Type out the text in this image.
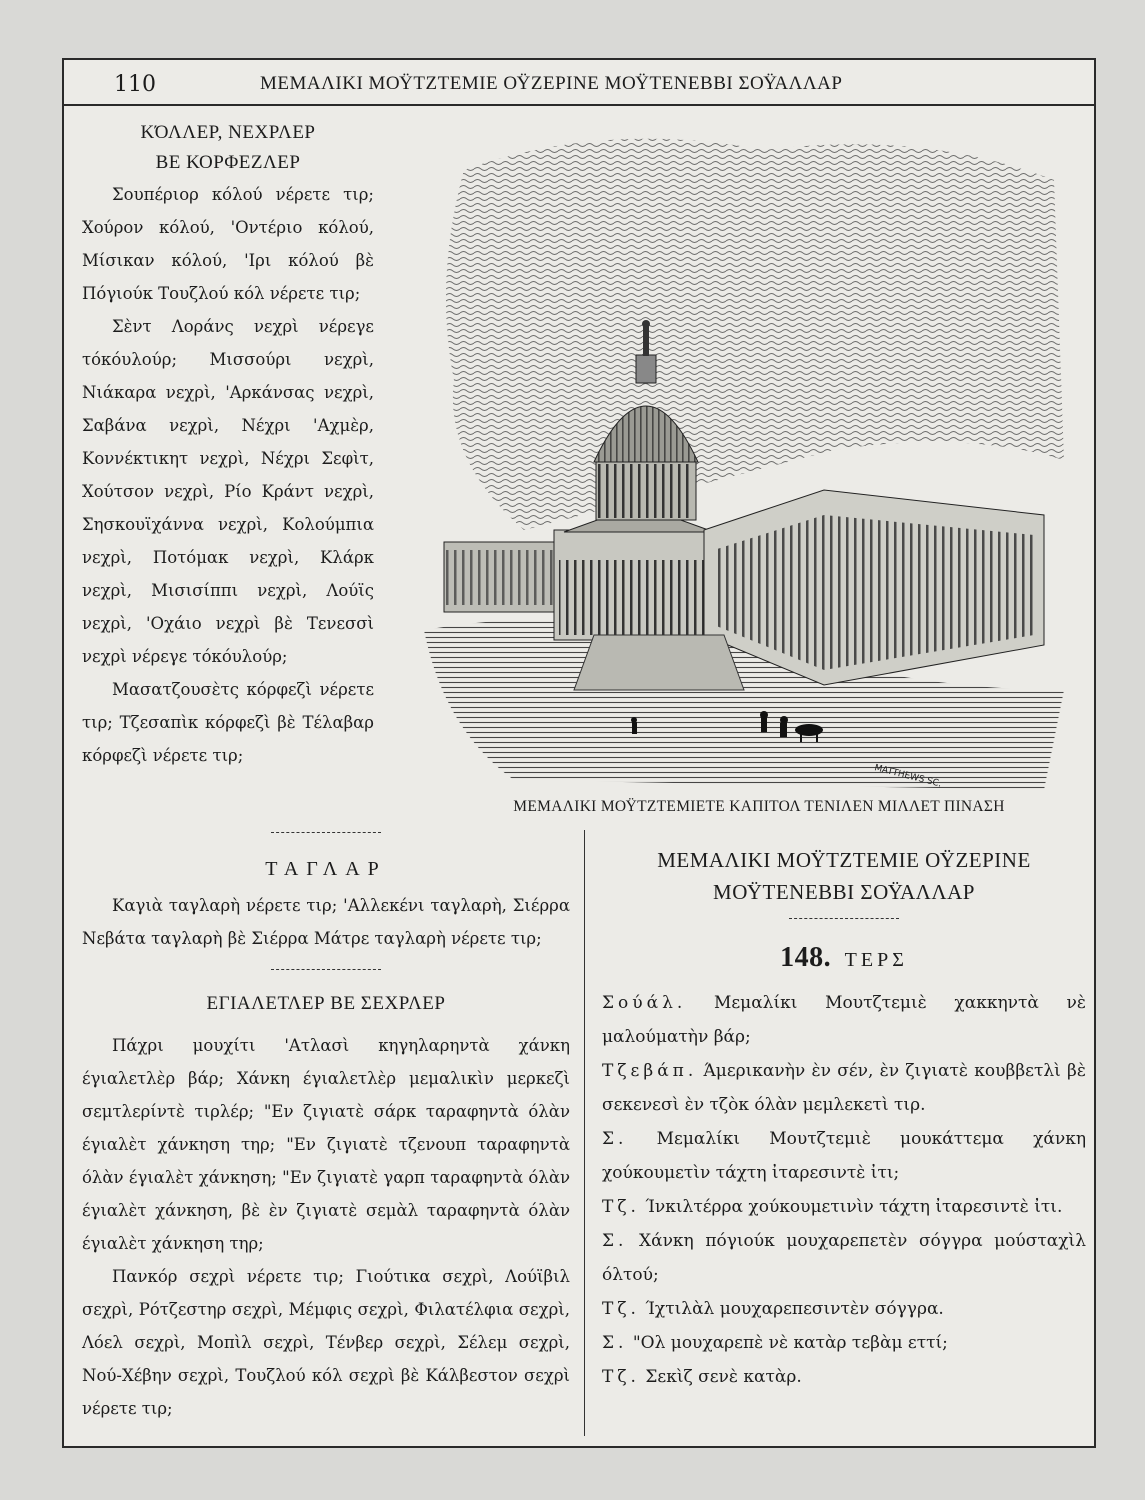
110	ΜΕΜΑΛΙΚΙ ΜΟΫΤΖΤΕΜΙΕ ΟΫΖΕΡΙΝΕ ΜΟΫΤΕΝΕΒΒΙ ΣΟΫΑΛΛΑΡ
ΚΌΛΛΕΡ, ΝΕΧΡΛΕΡ
ΒΕ ΚΟΡΦΕΖΛΕΡ

Σουπέριορ κόλού νέρετε τιρ; Χούρον κόλού, 'Οντέριο κόλού, Μίσικαν κόλού, 'Ιρι κόλού βὲ Πόγιούκ Τουζλού κόλ νέρετε τιρ;

Σὲντ Λοράνς νεχρὶ νέρεγε τόκόυλούρ; Μισσούρι νεχρὶ, Νιάκαρα νεχρὶ, 'Αρκάνσας νεχρὶ, Σαβάνα νεχρὶ, Νέχρι 'Αχμὲρ, Κοννέκτικητ νεχρὶ, Νέχρι Σεφὶτ, Χούτσον νεχρὶ, Ρίο Κράντ νεχρὶ, Σησκουϊχάννα νεχρὶ, Κολούμπια νεχρὶ, Ποτόμακ νεχρὶ, Κλάρκ νεχρὶ, Μισισίππι νεχρὶ, Λούϊς νεχρὶ, 'Οχάιο νεχρὶ βὲ Τενεσσὶ νεχρὶ νέρεγε τόκόυλούρ;

Μασατζουσὲτς κόρφεζὶ νέρετε τιρ; Τζεσαπὶκ κόρφεζὶ βὲ Τέλαβαρ κόρφεζὶ νέρετε τιρ;

MATTHEWS SC.
ΜΕΜΑΛΙΚΙ ΜΟΫΤΖΤΕΜΙΕΤΕ ΚΑΠΙΤΟΛ ΤΕΝΙΛΕΝ ΜΙΛΛΕΤ ΠΙΝΑΣΗ
ΤΑΓΛΑΡ

Καγιὰ ταγλαρὴ νέρετε τιρ; 'Αλλεκένι ταγλαρὴ, Σιέρρα Νεβάτα ταγλαρὴ βὲ Σιέρρα Μάτρε ταγλαρὴ νέρετε τιρ;

ΕΓΙΑΛΕΤΛΕΡ ΒΕ ΣΕΧΡΛΕΡ

Πάχρι μουχίτι 'Ατλασὶ κηγηλαρηντὰ χάνκη έγιαλετλὲρ βάρ; Χάνκη έγιαλετλὲρ μεμαλικὶν μερκεζὶ σεμτλερίντὲ τιρλέρ; "Εν ζιγιατὲ σάρκ ταραφηντὰ όλὰν έγιαλὲτ χάνκηση τηρ; "Εν ζιγιατὲ τζενουπ ταραφηντὰ όλὰν έγιαλὲτ χάνκηση; "Εν ζιγιατὲ γαρπ ταραφηντὰ όλὰν έγιαλὲτ χάνκηση, βὲ ὲν ζιγιατὲ σεμὰλ ταραφηντὰ όλὰν έγιαλὲτ χάνκηση τηρ;

Πανκόρ σεχρὶ νέρετε τιρ; Γιούτικα σεχρὶ, Λούϊβιλ σεχρὶ, Ρότζεστηρ σεχρὶ, Μέμφις σεχρὶ, Φιλατέλφια σεχρὶ, Λόελ σεχρὶ, Μοπὶλ σεχρὶ, Τένβερ σεχρὶ, Σέλεμ σεχρὶ, Νού-Χέβην σεχρὶ, Τουζλού κόλ σεχρὶ βὲ Κάλβεστον σεχρὶ νέρετε τιρ;

ΜΕΜΑΛΙΚΙ ΜΟΫΤΖΤΕΜΙΕ ΟΫΖΕΡΙΝΕ
ΜΟΫΤΕΝΕΒΒΙ ΣΟΫΑΛΛΑΡ
148. ΤΕΡΣ

Σούάλ. Μεμαλίκι Μουτζτεμιὲ χακκηντὰ νὲ μαλούματὴν βάρ;

Τζεβάπ. Άμερικανὴν ὲν σέν, ὲν ζιγιατὲ κουββετλὶ βὲ σεκενεσὶ ὲν τζὸκ όλὰν μεμλεκετὶ τιρ.

Σ. Μεμαλίκι Μουτζτεμιὲ μουκάττεμα χάνκη χούκουμετὶν τάχτη ἰταρεσιντὲ ἰτι;

Τζ. Ίνκιλτέρρα χούκουμετινὶν τάχτη ἰταρεσιντὲ ἰτι.

Σ. Χάνκη πόγιούκ μουχαρεπετὲν σόγγρα μούσταχὶλ όλτού;

Τζ. Ίχτιλὰλ μουχαρεπεσιντὲν σόγγρα.

Σ. "Ολ μουχαρεπὲ νὲ κατὰρ τεβὰμ εττί;

Τζ. Σεκὶζ σενὲ κατὰρ.
